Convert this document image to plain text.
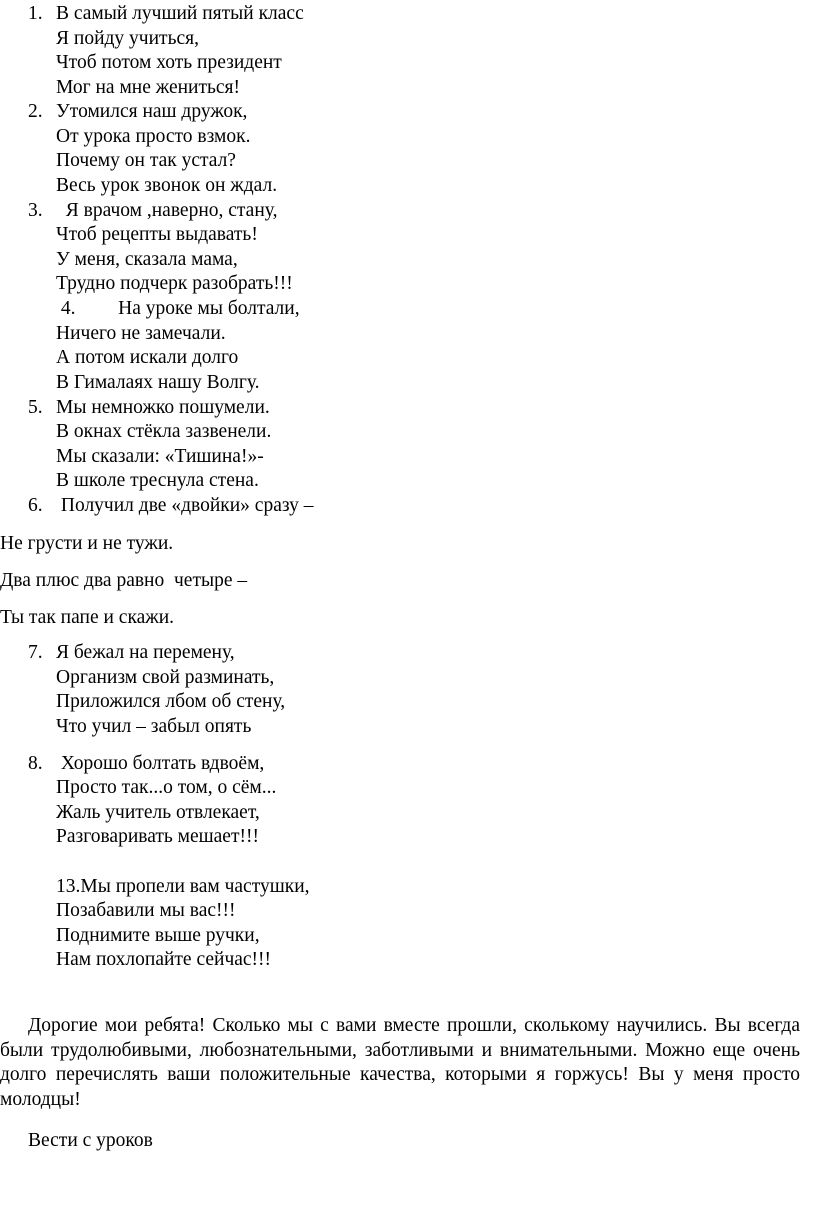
1. В самый лучший пятый класс
Я пойду учиться,
Чтоб потом хоть президент
Мог на мне жениться!
2. Утомился наш дружок,
От урока просто взмок.
Почему он так устал?
Весь урок звонок он ждал.
3. Я врачом ,наверно, стану,
Чтоб рецепты выдавать!
У меня, сказала мама,
Трудно подчерк разобрать!!!
4. На уроке мы болтали,
Ничего не замечали.
А потом искали долго
В Гималаях нашу Волгу.
5. Мы немножко пошумели.
В окнах стёкла зазвенели.
Мы сказали: «Тишина!»-
В школе треснула стена.
6. Получил две «двойки» сразу –
Не грусти и не тужи.
Два плюс два равно  четыре –
Ты так папе и скажи.
7. Я бежал на перемену,
Организм свой разминать,
Приложился лбом об стену,
Что учил – забыл опять
8. Хорошо болтать вдвоём,
Просто так...о том, о сём...
Жаль учитель отвлекает,
Разговаривать мешает!!!
13.Мы пропели вам частушки,
Позабавили мы вас!!!
Поднимите выше ручки,
Нам похлопайте сейчас!!!

Дорогие мои ребята! Сколько мы с вами вместе прошли, сколькому научились. Вы всегда были трудолюбивыми, любознательными, заботливыми и внимательными. Можно еще очень долго перечислять ваши положительные качества, которыми я горжусь! Вы у меня просто молодцы!

Вести с уроков
